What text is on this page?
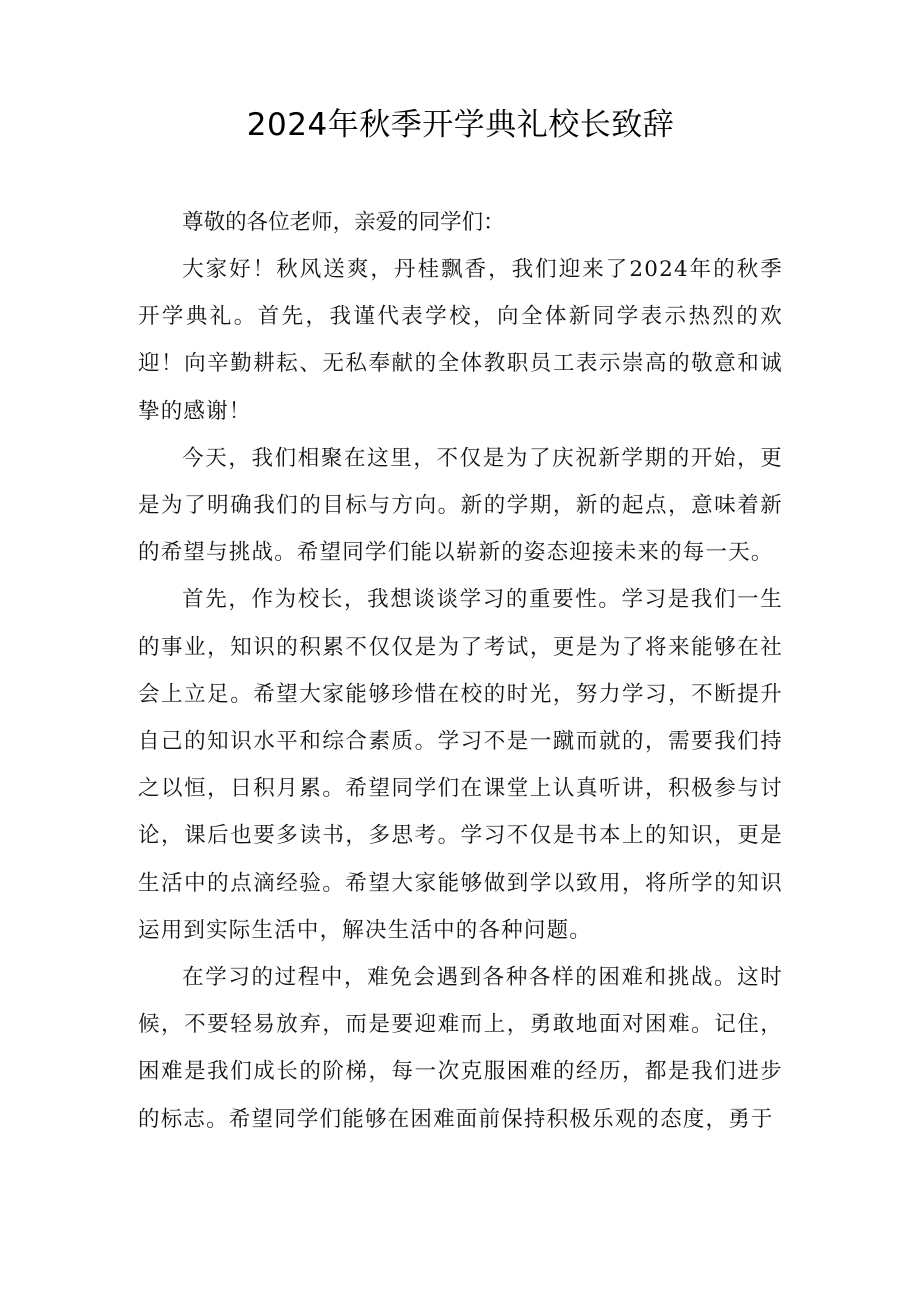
2024年秋季开学典礼校长致辞

尊敬的各位老师，亲爱的同学们：

大家好！秋风送爽，丹桂飘香，我们迎来了2024年的秋季开学典礼。首先，我谨代表学校，向全体新同学表示热烈的欢迎！向辛勤耕耘、无私奉献的全体教职员工表示崇高的敬意和诚挚的感谢！

今天，我们相聚在这里，不仅是为了庆祝新学期的开始，更是为了明确我们的目标与方向。新的学期，新的起点，意味着新的希望与挑战。希望同学们能以崭新的姿态迎接未来的每一天。

首先，作为校长，我想谈谈学习的重要性。学习是我们一生的事业，知识的积累不仅仅是为了考试，更是为了将来能够在社会上立足。希望大家能够珍惜在校的时光，努力学习，不断提升自己的知识水平和综合素质。学习不是一蹴而就的，需要我们持之以恒，日积月累。希望同学们在课堂上认真听讲，积极参与讨论，课后也要多读书，多思考。学习不仅是书本上的知识，更是生活中的点滴经验。希望大家能够做到学以致用，将所学的知识运用到实际生活中，解决生活中的各种问题。

在学习的过程中，难免会遇到各种各样的困难和挑战。这时候，不要轻易放弃，而是要迎难而上，勇敢地面对困难。记住，困难是我们成长的阶梯，每一次克服困难的经历，都是我们进步的标志。希望同学们能够在困难面前保持积极乐观的态度，勇于
